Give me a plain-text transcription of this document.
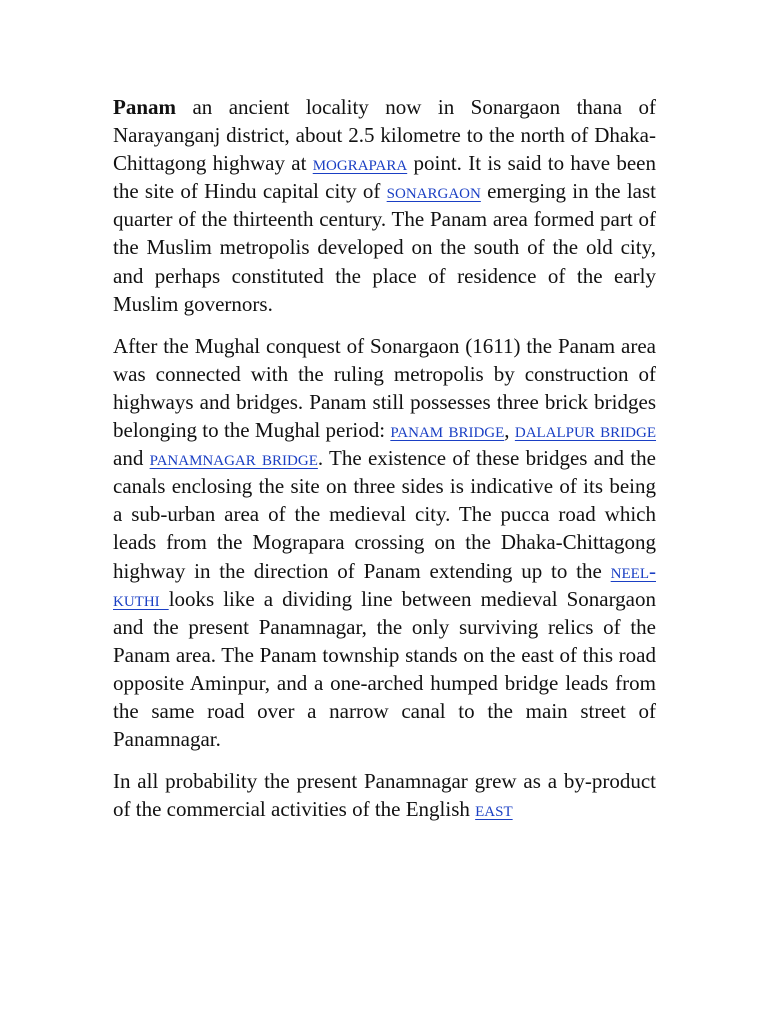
Panam an ancient locality now in Sonargaon thana of Narayanganj district, about 2.5 kilometre to the north of Dhaka-Chittagong highway at mograpara point. It is said to have been the site of Hindu capital city of sonargaon emerging in the last quarter of the thirteenth century. The Panam area formed part of the Muslim metropolis developed on the south of the old city, and perhaps constituted the place of residence of the early Muslim governors.

After the Mughal conquest of Sonargaon (1611) the Panam area was connected with the ruling metropolis by construction of highways and bridges. Panam still possesses three brick bridges belonging to the Mughal period: panam bridge, dalalpur bridge and panamnagar bridge. The existence of these bridges and the canals enclosing the site on three sides is indicative of its being a sub-urban area of the medieval city. The pucca road which leads from the Mograpara crossing on the Dhaka-Chittagong highway in the direction of Panam extending up to the neel-kuthi looks like a dividing line between medieval Sonargaon and the present Panamnagar, the only surviving relics of the Panam area. The Panam township stands on the east of this road opposite Aminpur, and a one-arched humped bridge leads from the same road over a narrow canal to the main street of Panamnagar.

In all probability the present Panamnagar grew as a by-product of the commercial activities of the English east
